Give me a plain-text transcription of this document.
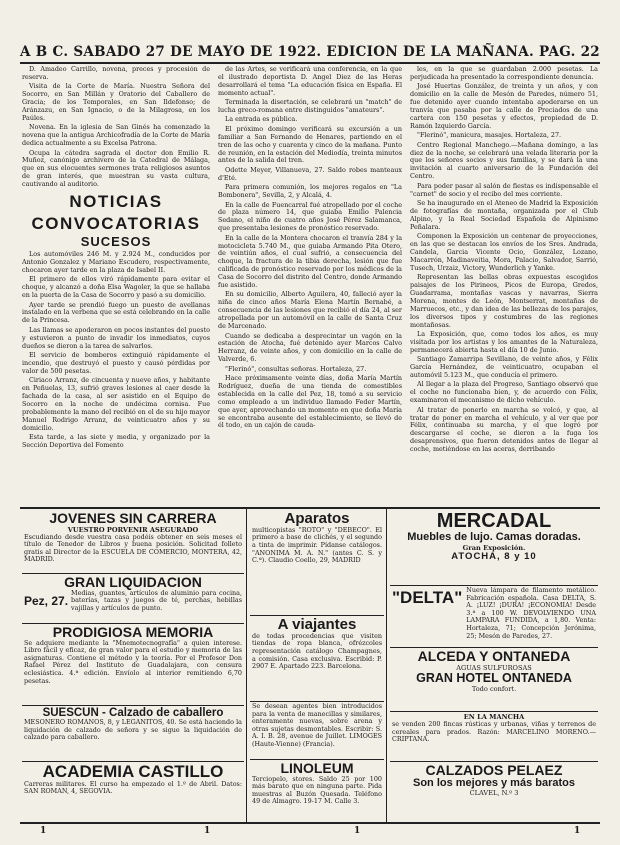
A B C. SABADO 27 DE MAYO DE 1922. EDICION DE LA MAÑANA. PAG. 22

D. Amadeo Carrillo, novena, preces y procesión de reserva.

Visita de la Corte de María. Nuestra Señora del Socorro, en San Millán y Oratorio del Caballero de Gracia; de los Temporales, en San Ildefonso; de Aránzazu, en San Ignacio, o de la Milagrosa, en los Paúles.

Novena. En la iglesia de San Ginés ha comenzado la novena que la antigua Archicofradía de la Corte de María dedica actualmente a su Excelsa Patrona.

Ocupa la cátedra sagrada el doctor don Emilio R. Muñoz, canónigo archivero de la Catedral de Málaga, que en sus elocuentes sermones trata religiosos asuntos de gran interés, que muestran su vasta cultura, cautivando al auditorio.

NOTICIAS
CONVOCATORIAS
SUCESOS

Los automóviles 246 M. y 2.924 M., conducidos por Antonio Gonzalez y Mariano Escudero, respectivamente, chocaron ayer tarde en la plaza de Isabel II.

El primero de ellos viró rápidamente para evitar el choque, y alcanzó a doña Elsa Wagoler, la que se hallaba en la puerta de la Casa de Socorro y pasó a su domicilio.

Ayer tarde se prendió fuego un puesto de avellanas instalado en la verbena que se está celebrando en la calle de la Princesa.

Las llamas se apoderaron en pocos instantes del puesto y estuvieron a punto de invadir los inmediatos, cuyos dueños se dieron a la tarea de salvarlos.

El servicio de bomberos extinguió rápidamente el incendio, que destruyó el puesto y causó pérdidas por valor de 500 pesetas.

Ciriaco Arranz, de cincuenta y nueve años, y habitante en Peñuelas, 13, sufrió graves lesiones al caer desde la fachada de la casa, al ser asistido en el Equipo de Socorro en la noche de undécima cornisa. Fue probablemente la mano del recibió en el de su hijo mayor Manuel Rodrigo Arranz, de veinticuatro años y su domicilio.

Esta tarde, a las siete y media, y organizado por la Sección Deportiva del Fomento

de las Artes, se verificará una conferencia, en la que el ilustrado deportista D. Angel Diez de las Heras desarrollará el tema "La educación física en España. El momento actual".

Terminada la disertación, se celebrará un "match" de lucha greco-romana entre distinguidos "amateurs".

La entrada es pública.

El próximo domingo verificará su excursión a un familiar a San Fernando de Henares, partiendo en el tren de las ocho y cuarenta y cinco de la mañana. Punto de reunión, en la estación del Mediodía, treinta minutos antes de la salida del tren.

Odette Meyer, Villanueva, 27. Saldo robes manteaux d'Eté.

Para primera comunión, los mejores regalos en "La Bombonera", Sevilla, 2, y Alcalá, 4.

En la calle de Fuencarral fué atropellado por el coche de plaza número 14, que guiaba Emilio Palencia Sedano, el niño de cuatro años José Pérez Salamanca, que presentaba lesiones de pronóstico reservado.

En la calle de la Montera chocaron el tranvía 284 y la motocicleta 5.740 M., que guiaba Armando Pita Otero, de veintiún años, el cual sufrió, a consecuencia del choque, la fractura de la tibia derecha, lesión que fue calificada de pronóstico reservado por los médicos de la Casa de Socorro del distrito del Centro, donde Armando fue asistido.

En su domicilio, Alberto Aguilera, 40, falleció ayer la niña de cinco años María Elena Martín Bernabé, a consecuencia de las lesiones que recibió el día 24, al ser atropellada por un automóvil en la calle de Santa Cruz de Marcenado.

Cuando se dedicaba a desprecintar un vagón en la estación de Atocha, fué detenido ayer Marcos Calvo Herranz, de veinte años, y con domicilio en la calle de Valverde, 6.

"Flerinó", consultas señoras. Hortaleza, 27.

Hace próximamente veinte días, doña María Martín Rodríguez, dueña de una tienda de comestibles establecida en la calle del Pez, 18, tomó a su servicio como empleado a un individuo llamado Feder Martín, que ayer, aprovechando un momento en que doña María se encontraba ausente del establecimiento, se llevó de él todo, en un cajón de cauda-

les, en la que se guardaban 2.000 pesetas. La perjudicada ha presentado la correspondiente denuncia.

José Huertas González, de treinta y un años, y con domicilio en la calle de Mesón de Paredes, número 51, fue detenido ayer cuando intentaba apoderarse en un tranvía que pasaba por la calle de Preciados de una cartera con 150 pesetas y efectos, propiedad de D. Ramón Izquierdo García.

"Flerinó", manicura, masajes. Hortaleza, 27.

Centro Regional Manchego.—Mañana domingo, a las diez de la noche, se celebrará una velada literaria por la que los señores socios y sus familias, y se dará la una invitación al cuarto aniversario de la Fundación del Centro.

Para poder pasar al salón de fiestas es indispensable el "carnet" de socio y el recibo del mes corriente.

Se ha inaugurado en el Ateneo de Madrid la Exposición de fotografías de montaña, organizada por el Club Alpino, y la Real Sociedad Española de Alpinismo Peñalara.

Componen la Exposición un centenar de proyecciones, en las que se destacan los envíos de los Sres. Andrada, Candela, Garcia Vicente Ocio, González, Lozano, Macarrón, Madinaveitia, Mora, Palacio, Salvador, Sarrió, Tusech, Urzaiz, Victory, Wunderlich y Yanke.

Representan las bellas obras expuestas escogidos paisajes de los Pirineos, Picos de Europa, Gredos, Guadarrama, montañas vascas y navarras, Sierra Morena, montes de León, Montserrat, montañas de Marruecos, etc., y dan idea de las bellezas de los parajes, los diversos tipos y costumbres de las regiones montañosas.

La Exposición, que, como todos los años, es muy visitada por los artistas y los amantes de la Naturaleza, permanecerá abierta hasta el día 10 de Junio.

Santiago Zamarripa Sevillano, de veinte años, y Félix García Hernández, de veinticuatro, ocupaban el automóvil 5.123 M., que conducía el primero.

Al llegar a la plaza del Progreso, Santiago observó que el coche no funcionaba bien, y, de acuerdo con Félix, examinaron el mecanismo de dicho vehículo.

Al tratar de ponerlo en marcha se volcó, y que, al tratar de poner en marcha el vehículo, y al ver que por Félix, continuaba su marcha, y el que logró por descargarse el coche, se dieron a la fuga los desaprensivos, que fueron detenidos antes de llegar al coche, metiéndose en las aceras, derribando

JOVENES SIN CARRERA
VUESTRO PORVENIR ASEGURADO
Escudiando desde vuestra casa podéis obtener en seis meses el título de Tenedor de Libros y buena posición. Solicitad folleto gratis al Director de la ESCUELA DE COMERCIO, MONTERA, 42, MADRID.
GRAN LIQUIDACION
Pez, 27.
Medias, guantes, artículos de aluminio para cocina, baterías, tazas y juegos de té, perchas, hebillas vajillas y artículos de punto.
PRODIGIOSA MEMORIA
Se adquiere mediante la "Mnemotecnografía" a quien interese. Libro fácil y eficaz, de gran valor para el estudio y memoria de las asignaturas. Contiene el método y la teoría. Por el Profesor Don Rafael Pérez del Instituto de Guadalajara, con censura eclesiástica. 4.ª edición. Envíolo al interior remitiendo 6,70 pesetas.
SUESCUN - Calzado de caballero
MESONERO ROMANOS, 8, y LEGANITOS, 40. Se está haciendo la liquidación de calzado de señora y se sigue la liquidación de calzado para caballero.
ACADEMIA CASTILLO
Carreras militares. El curso ha empezado el 1.º de Abril. Datos: SAN ROMAN, 4, SEGOVIA.
Aparatos
multicopistas "ROTO" y "DEBECO". El primero a base de clichés, y el segundo a tinta de imprimir. Pídanse catálogos. "ANONIMA M. A. N." (antes C. S. y C.ª). Claudio Coello, 29, MADRID
A viajantes
de todas procedencias que visiten tiendas de ropa blanca, ofrézcoles representación catálogo Champagnes, a comisión. Casa exclusiva. Escribid: P. 2907 E. Apartado 223. Barcelona.
Se desean agentes bien introducidos para la venta de manecillas y similares, enteramente nuevas, sobre arena y otras sujetas desmontables. Escribir: S. A. I. B. 28, avenue de Juillet. LIMOGES (Haute-Vienne) (Francia).
LINOLEUM
Terciopelo, stores. Saldo 25 por 100 más barato que en ninguna parte. Pida muestras al Buzón Quesada. Teléfono 49 de Almagro. 19-17 M. Calle 3.
MERCADAL
Muebles de lujo. Camas doradas.
Gran Exposición.
ATOCHA, 8 y 10
"DELTA" Nueva lámpara de filamento metálico. Fabricación española. Casa DELTA, S. A. ¡LUZ! ¡DURA! ¡ECONOMIA! Desde 3.ª a 100 W. DEVOLVIENDO UNA LAMPARA FUNDIDA, a 1,80. Venta: Hortaleza, 71; Concepción Jerónima, 25; Mesón de Paredes, 27.
ALCEDA Y ONTANEDA
AGUAS SULFUROSAS
GRAN HOTEL ONTANEDA
Todo confort.
EN LA MANCHA
se venden 200 fincas rústicas y urbanas, viñas y terrenos de cereales para prados. Razón: MARCELINO MORENO.—CRIPTANA.
CALZADOS PELAEZ
Son los mejores y más baratos
CLAVEL, N.º 3
1	1	1	1
